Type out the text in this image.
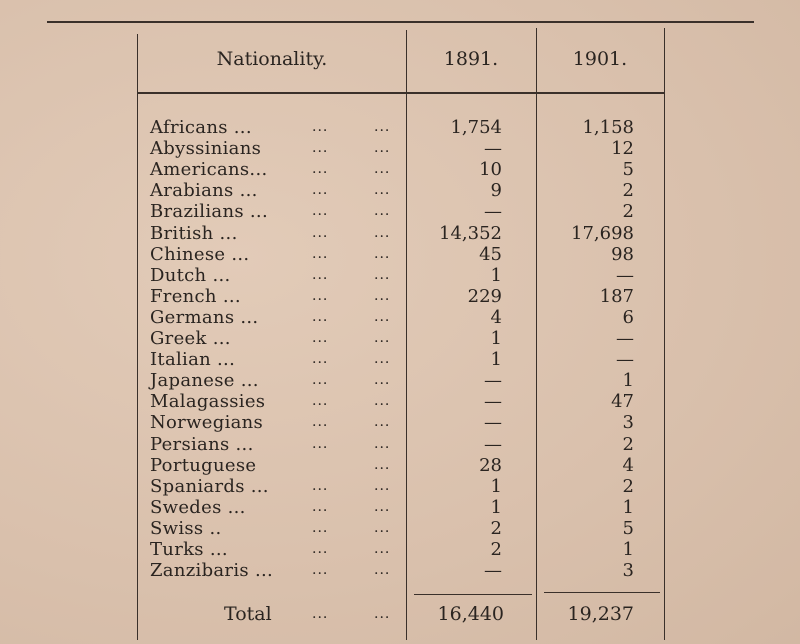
Nationality.	1891.	1901.
Africans ...	...	...	1,754	1,158
Abyssinians	...	...	—	12
Americans...	...	...	10	5
Arabians ...	...	...	9	2
Brazilians ...	...	...	—	2
British ...	...	...	14,352	17,698
Chinese ...	...	...	45	98
Dutch ...	...	...	1	—
French ...	...	...	229	187
Germans ...	...	...	4	6
Greek ...	...	...	1	—
Italian ...	...	...	1	—
Japanese ...	...	...	—	1
Malagassies	...	...	—	47
Norwegians	...	...	—	3
Persians ...	...	...	—	2
Portuguese	...	28	4
Spaniards ...	...	...	1	2
Swedes ...	...	...	1	1
Swiss ..	...	...	2	5
Turks ...	...	...	2	1
Zanzibaris ...	...	...	—	3
Total	...	... 16,440	19,237
